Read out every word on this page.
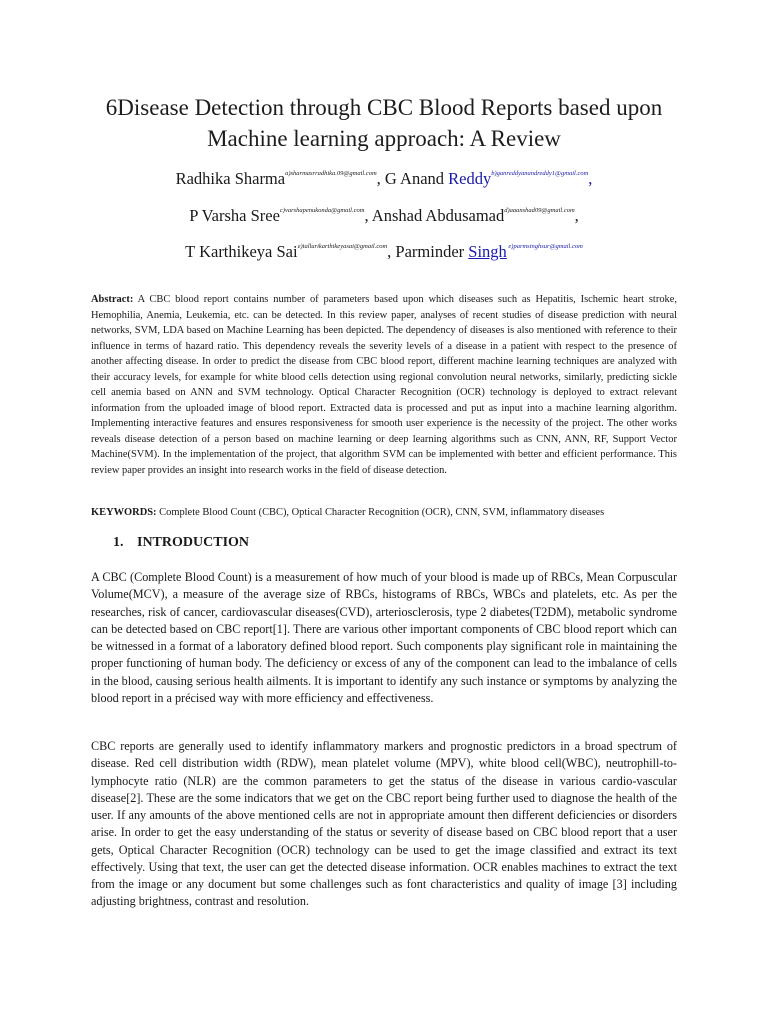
6Disease Detection through CBC Blood Reports based upon
Machine learning approach: A Review
Radhika Sharma$^{a)sharmasrradhika.09@gmail.com}$, G Anand Reddy$^{b)ganreddyanandreddy1@gmail.com}$,
P Varsha Sree$^{c)varshapenukonda@gmail.com}$, Anshad Abdusamad$^{d)aaanshad09@gmail.com}$,
T Karthikeya Sai$^{e)tallurikarthikeyasai@gmail.com}$, Parminder Singh $^{e)parmsinghsur@gmail.com}$
Abstract: A CBC blood report contains number of parameters based upon which diseases such as Hepatitis, Ischemic heart stroke, Hemophilia, Anemia, Leukemia, etc. can be detected. In this review paper, analyses of recent studies of disease prediction with neural networks, SVM, LDA based on Machine Learning has been depicted. The dependency of diseases is also mentioned with reference to their influence in terms of hazard ratio. This dependency reveals the severity levels of a disease in a patient with respect to the presence of another affecting disease. In order to predict the disease from CBC blood report, different machine learning techniques are analyzed with their accuracy levels, for example for white blood cells detection using regional convolution neural networks, similarly, predicting sickle cell anemia based on ANN and SVM technology. Optical Character Recognition (OCR) technology is deployed to extract relevant information from the uploaded image of blood report. Extracted data is processed and put as input into a machine learning algorithm. Implementing interactive features and ensures responsiveness for smooth user experience is the necessity of the project. The other works reveals disease detection of a person based on machine learning or deep learning algorithms such as CNN, ANN, RF, Support Vector Machine(SVM). In the implementation of the project, that algorithm SVM can be implemented with better and efficient performance. This review paper provides an insight into research works in the field of disease detection.
KEYWORDS: Complete Blood Count (CBC), Optical Character Recognition (OCR), CNN, SVM, inflammatory diseases
1. INTRODUCTION
A CBC (Complete Blood Count) is a measurement of how much of your blood is made up of RBCs, Mean Corpuscular Volume(MCV), a measure of the average size of RBCs, histograms of RBCs, WBCs and platelets, etc. As per the researches, risk of cancer, cardiovascular diseases(CVD), arteriosclerosis, type 2 diabetes(T2DM), metabolic syndrome can be detected based on CBC report[1]. There are various other important components of CBC blood report which can be witnessed in a format of a laboratory defined blood report. Such components play significant role in maintaining the proper functioning of human body. The deficiency or excess of any of the component can lead to the imbalance of cells in the blood, causing serious health ailments. It is important to identify any such instance or symptoms by analyzing the blood report in a précised way with more efficiency and effectiveness.
CBC reports are generally used to identify inflammatory markers and prognostic predictors in a broad spectrum of disease. Red cell distribution width (RDW), mean platelet volume (MPV), white blood cell(WBC), neutrophill-to-lymphocyte ratio (NLR) are the common parameters to get the status of the disease in various cardio-vascular disease[2]. These are the some indicators that we get on the CBC report being further used to diagnose the health of the user. If any amounts of the above mentioned cells are not in appropriate amount then different deficiencies or disorders arise. In order to get the easy understanding of the status or severity of disease based on CBC blood report that a user gets, Optical Character Recognition (OCR) technology can be used to get the image classified and extract its text effectively. Using that text, the user can get the detected disease information. OCR enables machines to extract the text from the image or any document but some challenges such as font characteristics and quality of image [3] including adjusting brightness, contrast and resolution.
